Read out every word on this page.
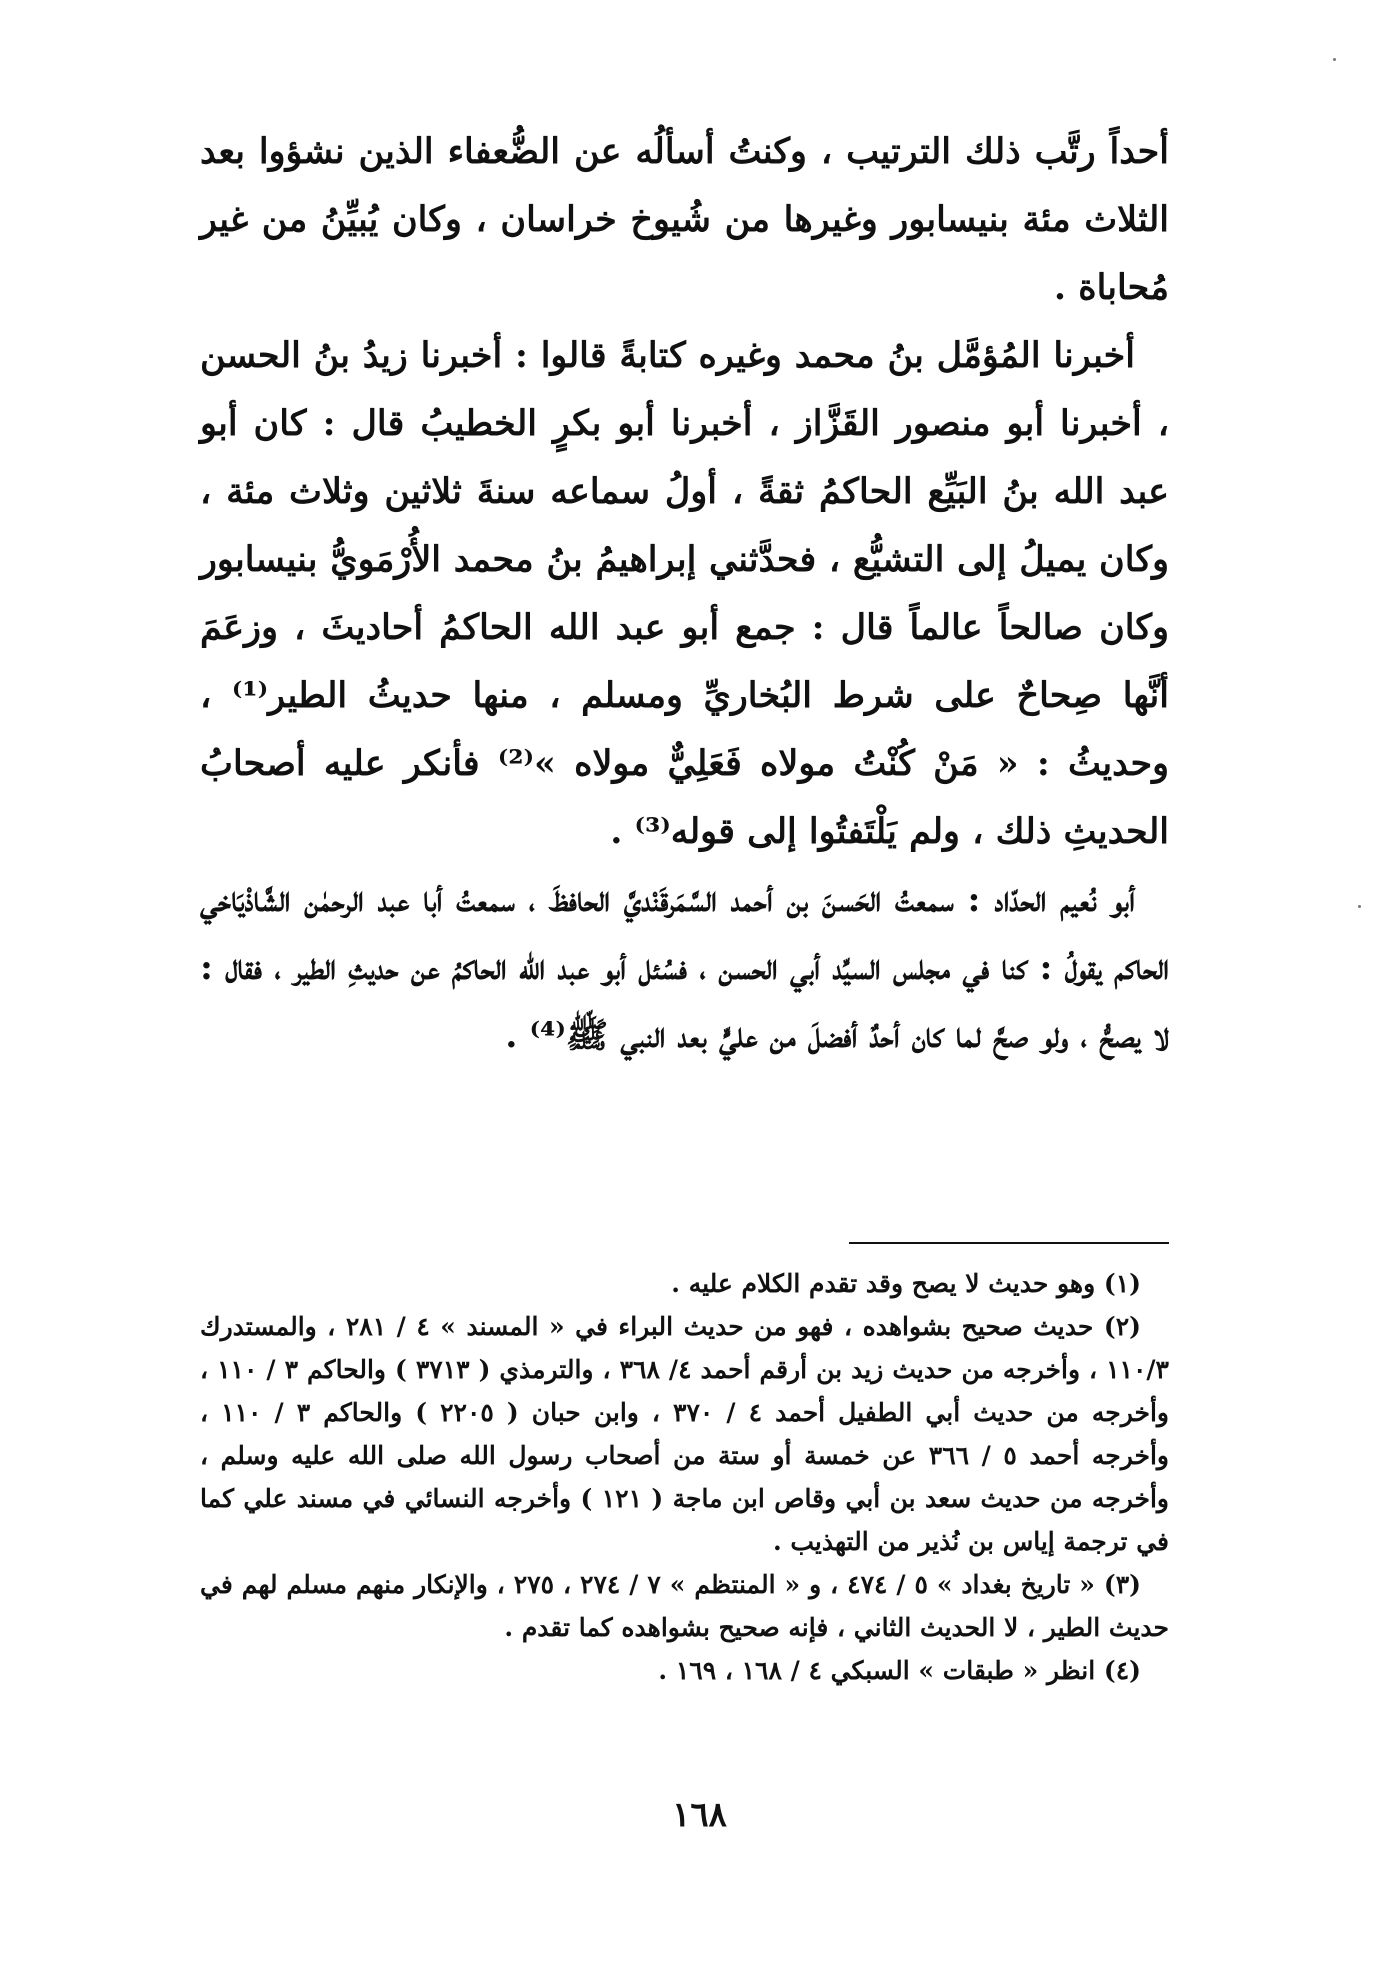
أحداً رتَّب ذلك الترتيب ، وكنتُ أسألُه عن الضُّعفاء الذين نشؤوا بعد الثلاث مئة بنيسابور وغيرها من شُيوخ خراسان ، وكان يُبيِّنُ من غير مُحاباة .

أخبرنا المُؤمَّل بنُ محمد وغيره كتابةً قالوا : أخبرنا زيدُ بنُ الحسن ، أخبرنا أبو منصور القَزَّاز ، أخبرنا أبو بكرٍ الخطيبُ قال : كان أبو عبد الله بنُ البَيِّع الحاكمُ ثقةً ، أولُ سماعه سنةَ ثلاثين وثلاث مئة ، وكان يميلُ إلى التشيُّع ، فحدَّثني إبراهيمُ بنُ محمد الأُرْمَويُّ بنيسابور وكان صالحاً عالماً قال : جمع أبو عبد الله الحاكمُ أحاديثَ ، وزعَمَ أنَّها صِحاحٌ على شرط البُخاريِّ ومسلم ، منها حديثُ الطير⁽¹⁾ ، وحديثُ : « مَنْ كُنْتُ مولاه فَعَلِيٌّ مولاه »⁽²⁾ فأنكر عليه أصحابُ الحديثِ ذلك ، ولم يَلْتَفتُوا إلى قوله⁽³⁾ .

أبو نُعيم الحدّاد : سمعتُ الحَسنَ بن أحمد السَّمَرقَنْديَّ الحافظَ ، سمعتُ أبا عبد الرحمٰن الشَّاذْيَاخي الحاكم يقولُ : كنا في مجلس السيِّد أبي الحسن ، فسُئل أبو عبد الله الحاكمُ عن حديثِ الطير ، فقال : لا يصحُّ ، ولو صحَّ لما كان أحدٌ أفضلَ من عليٍّ بعد النبي ﷺ⁽⁴⁾ .

(١) وهو حديث لا يصح وقد تقدم الكلام عليه .

(٢) حديث صحيح بشواهده ، فهو من حديث البراء في « المسند » ٤ / ٢٨١ ، والمستدرك ١١٠/٣ ، وأخرجه من حديث زيد بن أرقم أحمد ٤/ ٣٦٨ ، والترمذي ( ٣٧١٣ ) والحاكم ٣ / ١١٠ ، وأخرجه من حديث أبي الطفيل أحمد ٤ / ٣٧٠ ، وابن حبان ( ٢٢٠٥ ) والحاكم ٣ / ١١٠ ، وأخرجه أحمد ٥ / ٣٦٦ عن خمسة أو ستة من أصحاب رسول الله صلى الله عليه وسلم ، وأخرجه من حديث سعد بن أبي وقاص ابن ماجة ( ١٢١ ) وأخرجه النسائي في مسند علي كما في ترجمة إياس بن نُذير من التهذيب .

(٣) « تاريخ بغداد » ٥ / ٤٧٤ ، و « المنتظم » ٧ / ٢٧٤ ، ٢٧٥ ، والإنكار منهم مسلم لهم في حديث الطير ، لا الحديث الثاني ، فإنه صحيح بشواهده كما تقدم .

(٤) انظر « طبقات » السبكي ٤ / ١٦٨ ، ١٦٩ .

١٦٨
